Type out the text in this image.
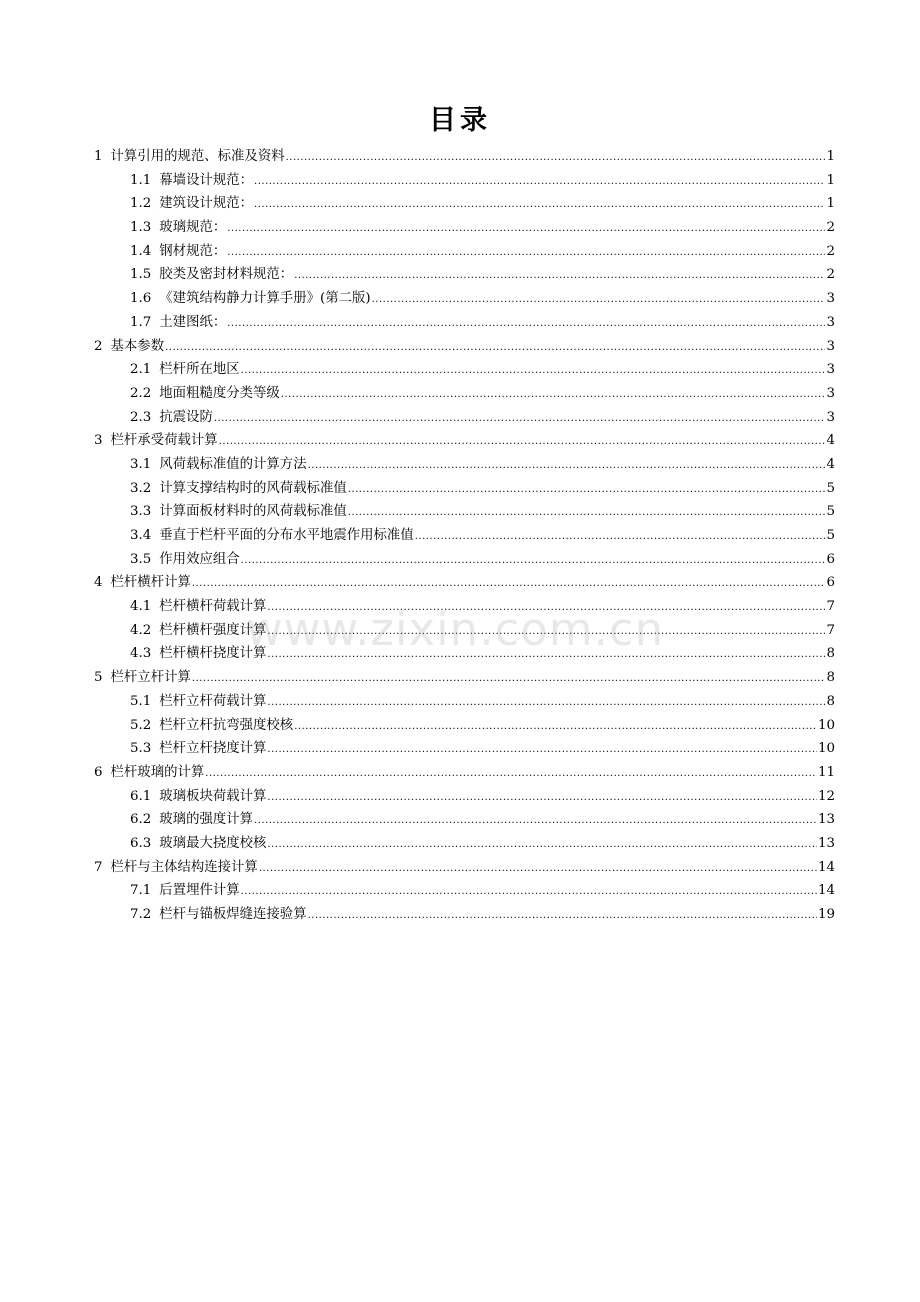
目录
1 计算引用的规范、标准及资料 .....	1
1.1 幕墙设计规范： .....	1
1.2 建筑设计规范： .....	1
1.3 玻璃规范： .....	2
1.4 钢材规范： .....	2
1.5 胶类及密封材料规范： .....	2
1.6 《建筑结构静力计算手册》(第二版) .....	3
1.7 土建图纸： .....	3
2 基本参数 .....	3
2.1 栏杆所在地区 .....	3
2.2 地面粗糙度分类等级 .....	3
2.3 抗震设防 .....	3
3 栏杆承受荷载计算 .....	4
3.1 风荷载标准值的计算方法 .....	4
3.2 计算支撑结构时的风荷载标准值 .....	5
3.3 计算面板材料时的风荷载标准值 .....	5
3.4 垂直于栏杆平面的分布水平地震作用标准值 .....	5
3.5 作用效应组合 .....	6
4 栏杆横杆计算 .....	6
4.1 栏杆横杆荷载计算 .....	7
4.2 栏杆横杆强度计算 .....	7
4.3 栏杆横杆挠度计算 .....	8
5 栏杆立杆计算 .....	8
5.1 栏杆立杆荷载计算 .....	8
5.2 栏杆立杆抗弯强度校核 .....	10
5.3 栏杆立杆挠度计算 .....	10
6 栏杆玻璃的计算 .....	11
6.1 玻璃板块荷载计算 .....	12
6.2 玻璃的强度计算 .....	13
6.3 玻璃最大挠度校核 .....	13
7 栏杆与主体结构连接计算 .....	14
7.1 后置埋件计算 .....	14
7.2 栏杆与锚板焊缝连接验算 .....	19
www.zixin.com.cn
